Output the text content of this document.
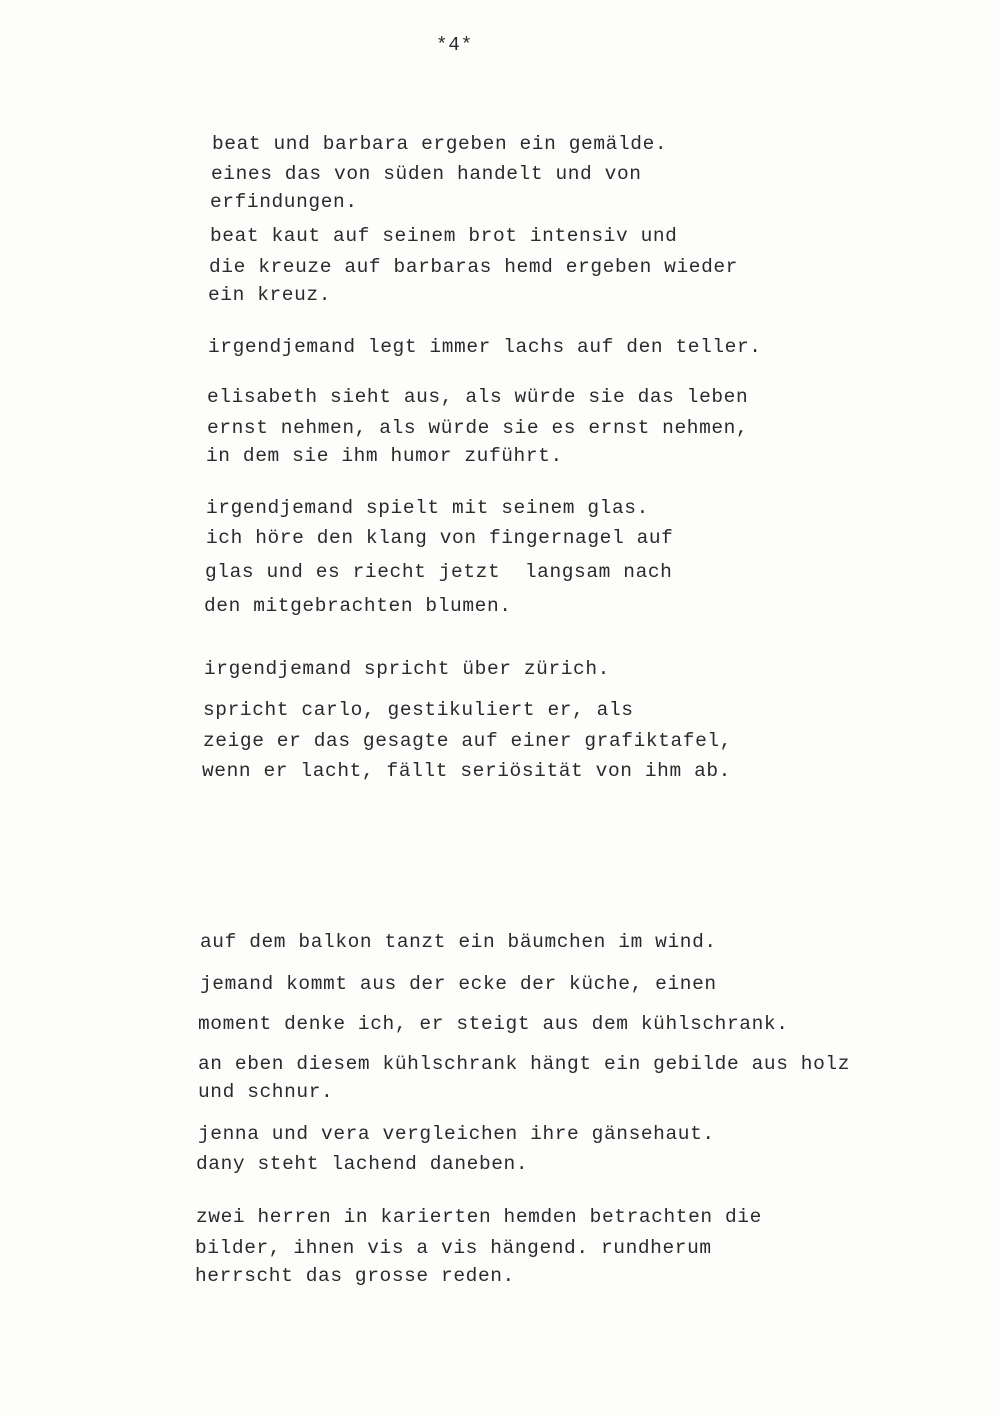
*4*
beat und barbara ergeben ein gemälde.
eines das von süden handelt und von
erfindungen.
beat kaut auf seinem brot intensiv und
die kreuze auf barbaras hemd ergeben wieder
ein kreuz.
irgendjemand legt immer lachs auf den teller.
elisabeth sieht aus, als würde sie das leben
ernst nehmen, als würde sie es ernst nehmen,
in dem sie ihm humor zuführt.
irgendjemand spielt mit seinem glas.
ich höre den klang von fingernagel auf
glas und es riecht jetzt  langsam nach
den mitgebrachten blumen.
irgendjemand spricht über zürich.
spricht carlo, gestikuliert er, als
zeige er das gesagte auf einer grafiktafel,
wenn er lacht, fällt seriösität von ihm ab.
auf dem balkon tanzt ein bäumchen im wind.
jemand kommt aus der ecke der küche, einen
moment denke ich, er steigt aus dem kühlschrank.
an eben diesem kühlschrank hängt ein gebilde aus holz
und schnur.
jenna und vera vergleichen ihre gänsehaut.
dany steht lachend daneben.
zwei herren in karierten hemden betrachten die
bilder, ihnen vis a vis hängend. rundherum
herrscht das grosse reden.
